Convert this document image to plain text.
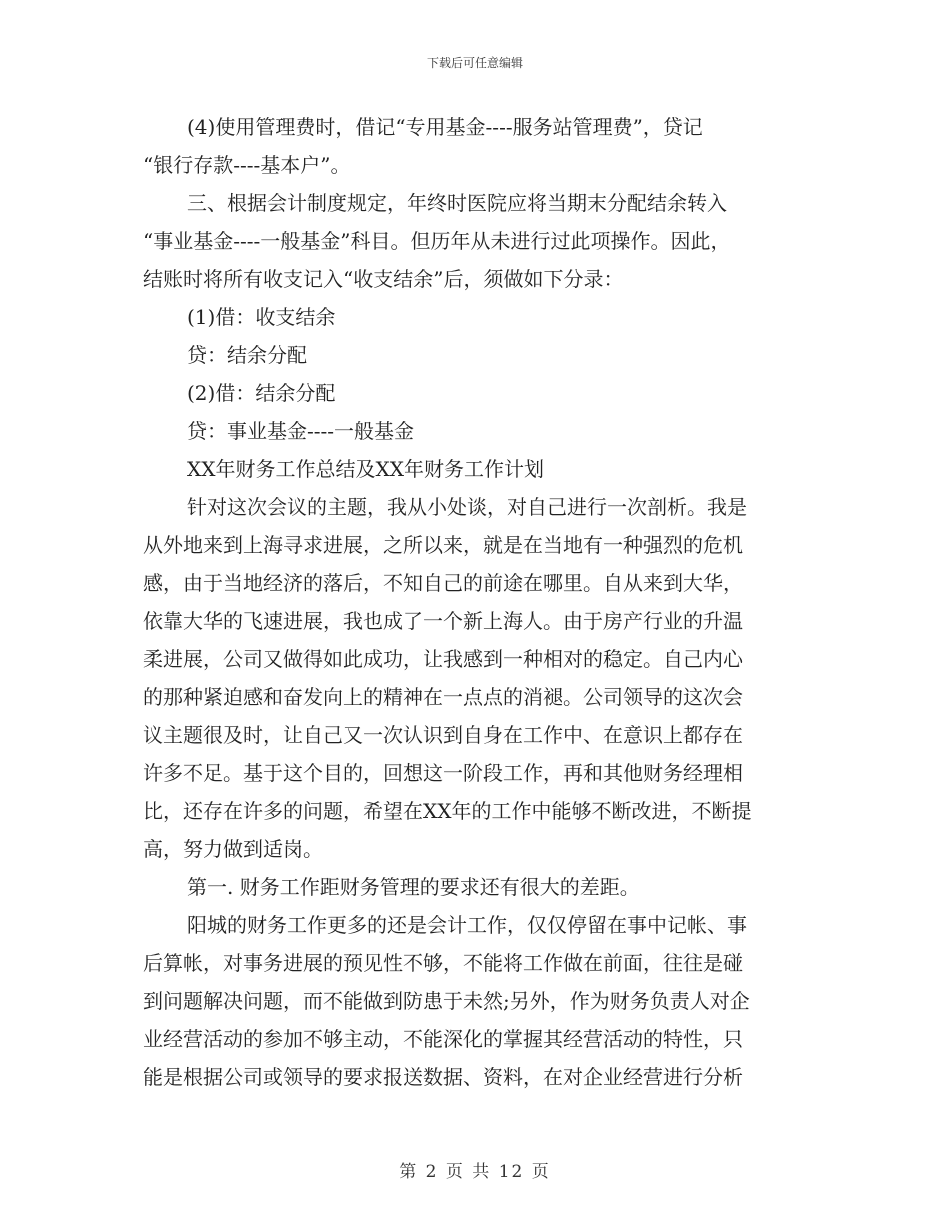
下载后可任意编辑

(4)使用管理费时，借记“专用基金----服务站管理费”，贷记

“银行存款----基本户”。

三、根据会计制度规定，年终时医院应将当期末分配结余转入

“事业基金----一般基金”科目。但历年从未进行过此项操作。因此，

结账时将所有收支记入“收支结余”后，须做如下分录：

(1)借：收支结余

贷：结余分配

(2)借：结余分配

贷：事业基金----一般基金

XX年财务工作总结及XX年财务工作计划

针对这次会议的主题，我从小处谈，对自己进行一次剖析。我是

从外地来到上海寻求进展，之所以来，就是在当地有一种强烈的危机

感，由于当地经济的落后，不知自己的前途在哪里。自从来到大华，

依靠大华的飞速进展，我也成了一个新上海人。由于房产行业的升温

柔进展，公司又做得如此成功，让我感到一种相对的稳定。自己内心

的那种紧迫感和奋发向上的精神在一点点的消褪。公司领导的这次会

议主题很及时，让自己又一次认识到自身在工作中、在意识上都存在

许多不足。基于这个目的，回想这一阶段工作，再和其他财务经理相

比，还存在许多的问题，希望在XX年的工作中能够不断改进，不断提

高，努力做到适岗。

第一. 财务工作距财务管理的要求还有很大的差距。

阳城的财务工作更多的还是会计工作，仅仅停留在事中记帐、事

后算帐，对事务进展的预见性不够，不能将工作做在前面，往往是碰

到问题解决问题，而不能做到防患于未然;另外，作为财务负责人对企

业经营活动的参加不够主动，不能深化的掌握其经营活动的特性，只

能是根据公司或领导的要求报送数据、资料，在对企业经营进行分析

第 2 页 共 12 页
